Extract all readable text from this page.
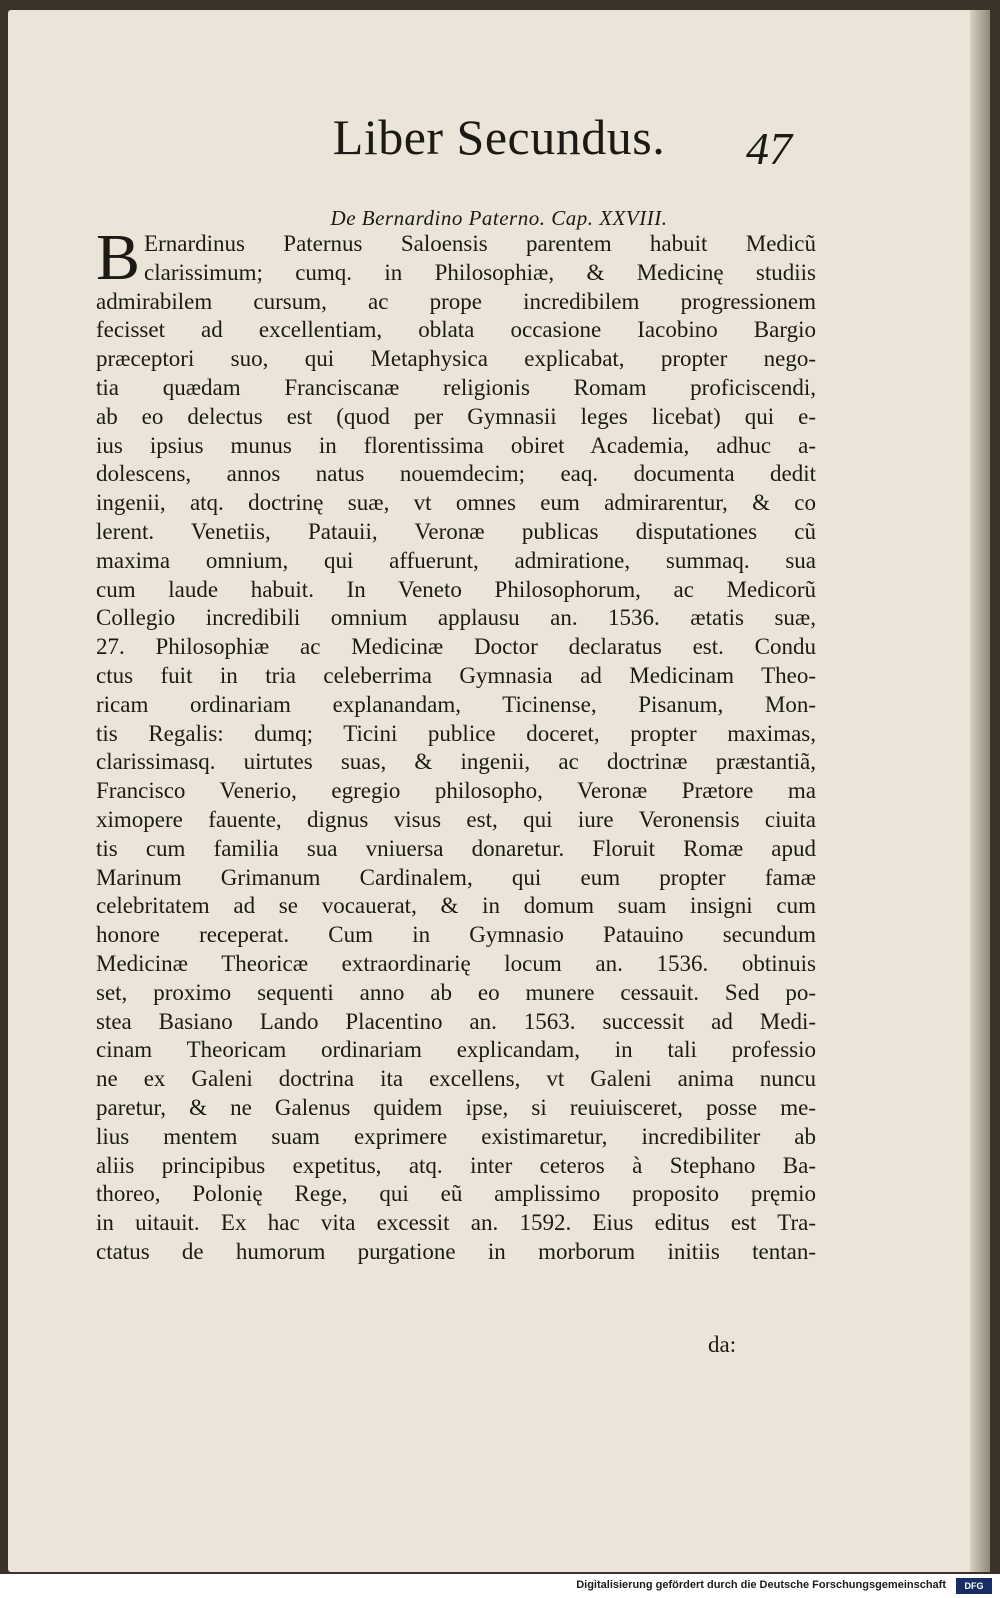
Liber Secundus.	47
De Bernardino Paterno. Cap. XXVIII.
B Ernardinus Paternus Saloensis parentem habuit Medicũ
clarissimum; cumq. in Philosophiæ, & Medicinę studiis
admirabilem cursum, ac prope incredibilem progressionem
fecisset ad excellentiam, oblata occasione Iacobino Bargio
præceptori suo, qui Metaphysica explicabat, propter nego-
tia quædam Franciscanæ religionis Romam proficiscendi,
ab eo delectus est (quod per Gymnasii leges licebat) qui e-
ius ipsius munus in florentissima obiret Academia, adhuc a-
dolescens, annos natus nouemdecim; eaq. documenta dedit
ingenii, atq. doctrinę suæ, vt omnes eum admirarentur, & co
lerent. Venetiis, Patauii, Veronæ publicas disputationes cũ
maxima omnium, qui affuerunt, admiratione, summaq. sua
cum laude habuit. In Veneto Philosophorum, ac Medicorũ
Collegio incredibili omnium applausu an. 1536. ætatis suæ,
27. Philosophiæ ac Medicinæ Doctor declaratus est. Condu
ctus fuit in tria celeberrima Gymnasia ad Medicinam Theo-
ricam ordinariam explanandam, Ticinense, Pisanum, Mon-
tis Regalis: dumq; Ticini publice doceret, propter maximas,
clarissimasq. uirtutes suas, & ingenii, ac doctrinæ præstantiã,
Francisco Venerio, egregio philosopho, Veronæ Prætore ma
ximopere fauente, dignus visus est, qui iure Veronensis ciuita
tis cum familia sua vniuersa donaretur. Floruit Romæ apud
Marinum Grimanum Cardinalem, qui eum propter famæ
celebritatem ad se vocauerat, & in domum suam insigni cum
honore receperat. Cum in Gymnasio Patauino secundum
Medicinæ Theoricæ extraordinarię locum an. 1536. obtinuis
set, proximo sequenti anno ab eo munere cessauit. Sed po-
stea Basiano Lando Placentino an. 1563. successit ad Medi-
cinam Theoricam ordinariam explicandam, in tali professio
ne ex Galeni doctrina ita excellens, vt Galeni anima nuncu
paretur, & ne Galenus quidem ipse, si reuiuisceret, posse me-
lius mentem suam exprimere existimaretur, incredibiliter ab
aliis principibus expetitus, atq. inter ceteros à Stephano Ba-
thoreo, Polonię Rege, qui eũ amplissimo proposito pręmio
in uitauit. Ex hac vita excessit an. 1592. Eius editus est Tra-
ctatus de humorum purgatione in morborum initiis tentan-
da:
Digitalisierung gefördert durch die Deutsche Forschungsgemeinschaft	DFG
